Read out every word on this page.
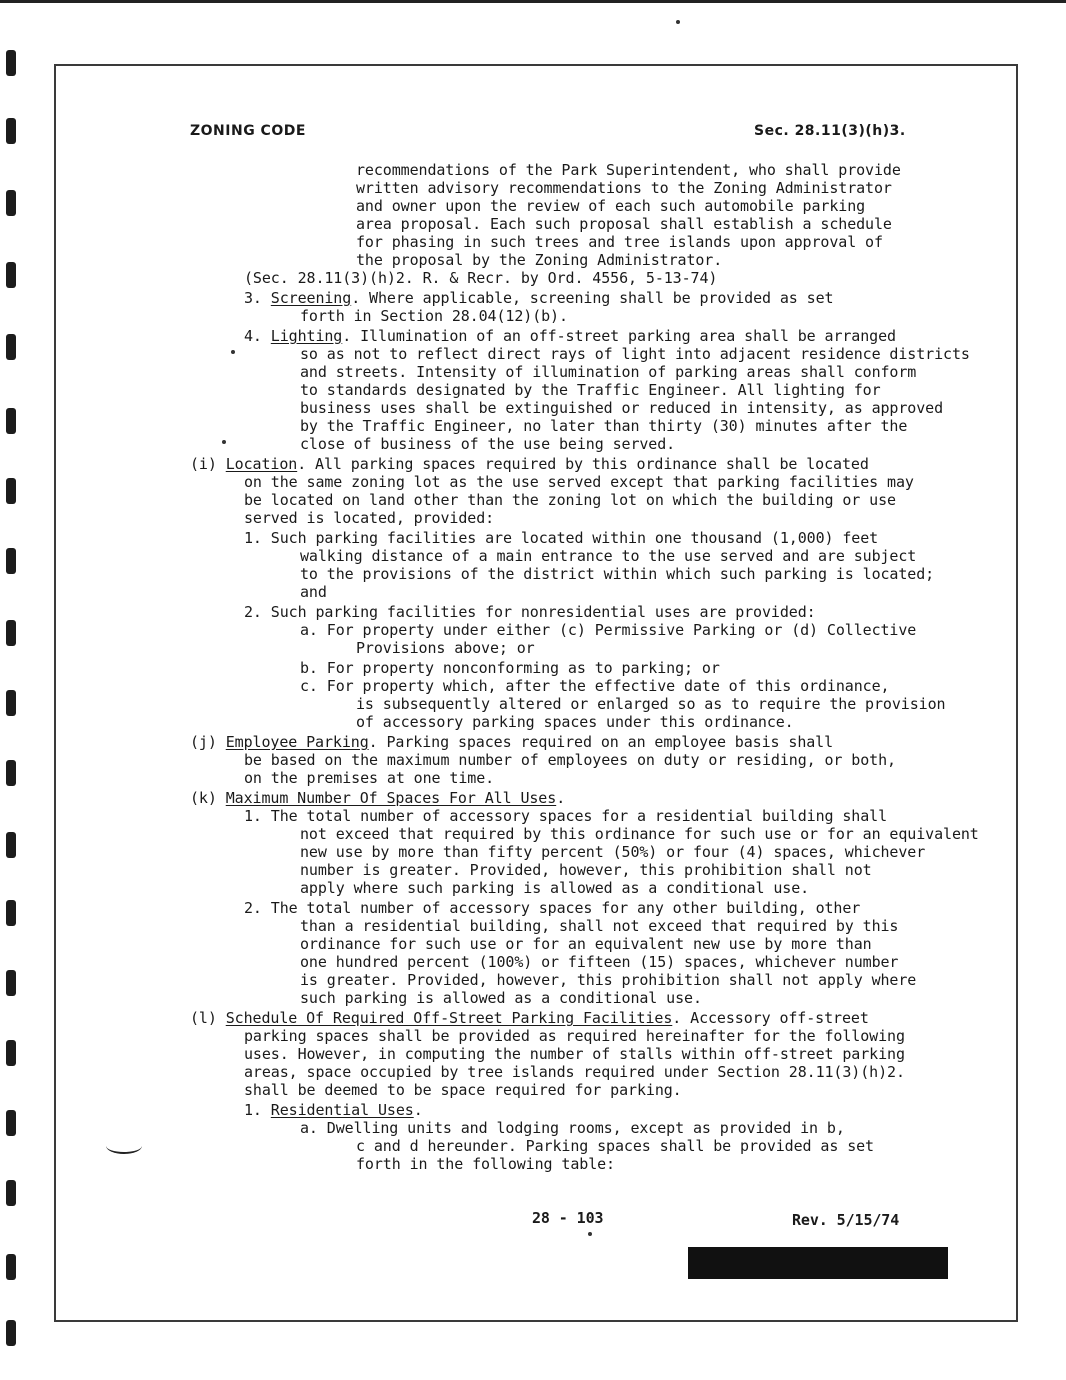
ZONING CODE	Sec. 28.11(3)(h)3.
recommendations of the Park Superintendent, who shall provide
written advisory recommendations to the Zoning Administrator
and owner upon the review of each such automobile parking
area proposal. Each such proposal shall establish a schedule
for phasing in such trees and tree islands upon approval of
the proposal by the Zoning Administrator.
(Sec. 28.11(3)(h)2. R. & Recr. by Ord. 4556, 5-13-74)
3. Screening. Where applicable, screening shall be provided as set
forth in Section 28.04(12)(b).
4. Lighting. Illumination of an off-street parking area shall be arranged
so as not to reflect direct rays of light into adjacent residence districts
and streets. Intensity of illumination of parking areas shall conform
to standards designated by the Traffic Engineer. All lighting for
business uses shall be extinguished or reduced in intensity, as approved
by the Traffic Engineer, no later than thirty (30) minutes after the
close of business of the use being served.
(i) Location. All parking spaces required by this ordinance shall be located
on the same zoning lot as the use served except that parking facilities may
be located on land other than the zoning lot on which the building or use
served is located, provided:
1. Such parking facilities are located within one thousand (1,000) feet
walking distance of a main entrance to the use served and are subject
to the provisions of the district within which such parking is located;
and
2. Such parking facilities for nonresidential uses are provided:
a. For property under either (c) Permissive Parking or (d) Collective
Provisions above; or
b. For property nonconforming as to parking; or
c. For property which, after the effective date of this ordinance,
is subsequently altered or enlarged so as to require the provision
of accessory parking spaces under this ordinance.
(j) Employee Parking. Parking spaces required on an employee basis shall
be based on the maximum number of employees on duty or residing, or both,
on the premises at one time.
(k) Maximum Number Of Spaces For All Uses.
1. The total number of accessory spaces for a residential building shall
not exceed that required by this ordinance for such use or for an equivalent
new use by more than fifty percent (50%) or four (4) spaces, whichever
number is greater. Provided, however, this prohibition shall not
apply where such parking is allowed as a conditional use.
2. The total number of accessory spaces for any other building, other
than a residential building, shall not exceed that required by this
ordinance for such use or for an equivalent new use by more than
one hundred percent (100%) or fifteen (15) spaces, whichever number
is greater. Provided, however, this prohibition shall not apply where
such parking is allowed as a conditional use.
(l) Schedule Of Required Off-Street Parking Facilities. Accessory off-street
parking spaces shall be provided as required hereinafter for the following
uses. However, in computing the number of stalls within off-street parking
areas, space occupied by tree islands required under Section 28.11(3)(h)2.
shall be deemed to be space required for parking.
1. Residential Uses.
a. Dwelling units and lodging rooms, except as provided in b,
c and d hereunder. Parking spaces shall be provided as set
forth in the following table:
28 - 103	Rev. 5/15/74
